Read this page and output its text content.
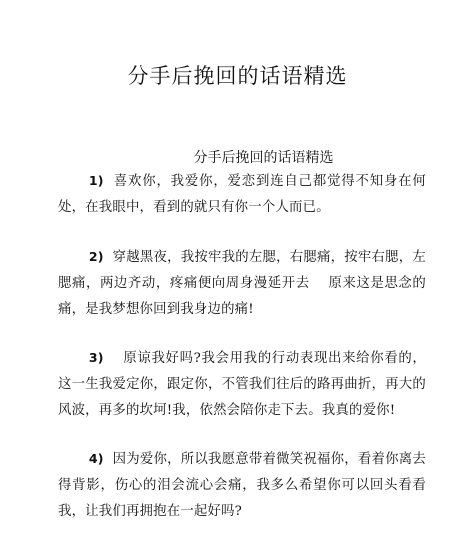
分手后挽回的话语精选
分手后挽回的话语精选

1) 喜欢你，我爱你，爱恋到连自己都觉得不知身在何处，在我眼中，看到的就只有你一个人而已。

2) 穿越黑夜，我按牢我的左腮，右腮痛，按牢右腮，左腮痛，两边齐动，疼痛便向周身漫延开去　 原来这是思念的痛，是我梦想你回到我身边的痛!

3) 原谅我好吗?我会用我的行动表现出来给你看的，这一生我爱定你，跟定你，不管我们往后的路再曲折，再大的风波，再多的坎坷!我，依然会陪你走下去。我真的爱你!

4) 因为爱你，所以我愿意带着微笑祝福你，看着你离去得背影，伤心的泪会流心会痛，我多么希望你可以回头看看我，让我们再拥抱在一起好吗?
